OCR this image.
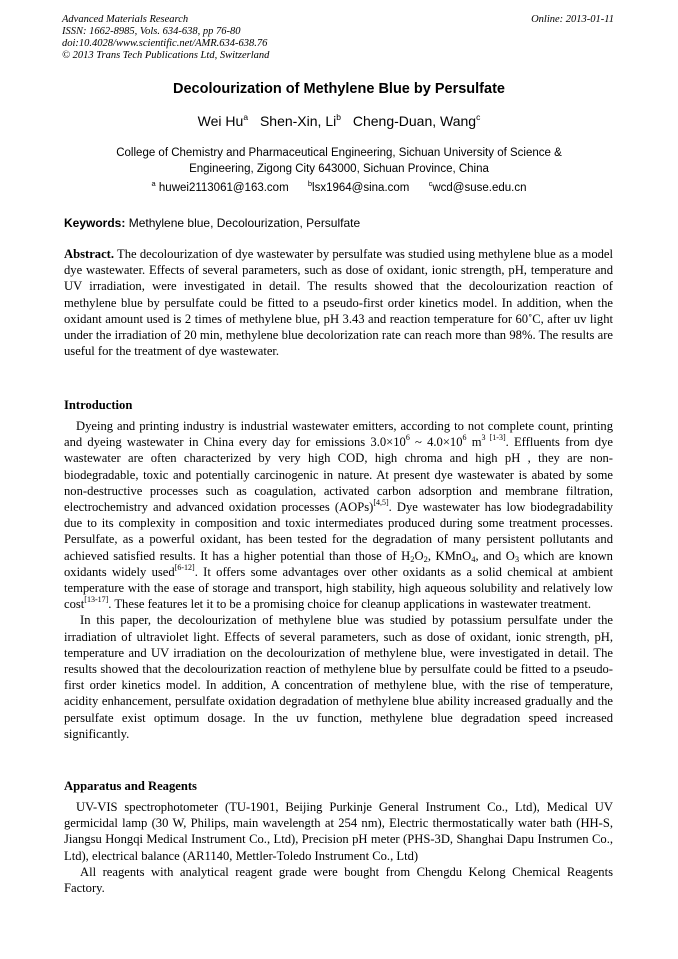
Advanced Materials Research
ISSN: 1662-8985, Vols. 634-638, pp 76-80
doi:10.4028/www.scientific.net/AMR.634-638.76
© 2013 Trans Tech Publications Ltd, Switzerland
Online: 2013-01-11
Decolourization of Methylene Blue by Persulfate
Wei Hu$^a$ Shen-Xin, Li$^b$ Cheng-Duan, Wang$^c$
College of Chemistry and Pharmaceutical Engineering, Sichuan University of Science &
Engineering, Zigong City 643000, Sichuan Province, China
$^a$ huwei2113061@163.com	$^b$lsx1964@sina.com	$^c$wcd@suse.edu.cn
Keywords: Methylene blue, Decolourization, Persulfate
Abstract. The decolourization of dye wastewater by persulfate was studied using methylene blue as a model dye wastewater. Effects of several parameters, such as dose of oxidant, ionic strength, pH, temperature and UV irradiation, were investigated in detail. The results showed that the decolourization reaction of methylene blue by persulfate could be fitted to a pseudo-first order kinetics model. In addition, when the oxidant amount used is 2 times of methylene blue, pH 3.43 and reaction temperature for 60˚C, after uv light under the irradiation of 20 min, methylene blue decolorization rate can reach more than 98%. The results are useful for the treatment of dye wastewater.
Introduction

Dyeing and printing industry is industrial wastewater emitters, according to not complete count, printing and dyeing wastewater in China every day for emissions $3.0\times 10^6$ ~ $4.0\times 10^6$ $m^{3 [1-3]}$. Effluents from dye wastewater are often characterized by very high COD, high chroma and high pH , they are non-biodegradable, toxic and potentially carcinogenic in nature. At present dye wastewater is abated by some non-destructive processes such as coagulation, activated carbon adsorption and membrane filtration, electrochemistry and advanced oxidation processes (AOPs)[4,5]. Dye wastewater has low biodegradability due to its complexity in composition and toxic intermediates produced during some treatment processes. Persulfate, as a powerful oxidant, has been tested for the degradation of many persistent pollutants and achieved satisfied results. It has a higher potential than those of $H_2O_2$, KMnO$_4$, and $O_3$ which are known oxidants widely used[6-12]. It offers some advantages over other oxidants as a solid chemical at ambient temperature with the ease of storage and transport, high stability, high aqueous solubility and relatively low cost[13-17]. These features let it to be a promising choice for cleanup applications in wastewater treatment.

In this paper, the decolourization of methylene blue was studied by potassium persulfate under the irradiation of ultraviolet light. Effects of several parameters, such as dose of oxidant, ionic strength, pH, temperature and UV irradiation on the decolourization of methylene blue, were investigated in detail. The results showed that the decolourization reaction of methylene blue by persulfate could be fitted to a pseudo-first order kinetics model. In addition, A concentration of methylene blue, with the rise of temperature, acidity enhancement, persulfate oxidation degradation of methylene blue ability increased gradually and the persulfate exist optimum dosage. In the uv function, methylene blue degradation speed increased significantly.

Apparatus and Reagents

UV-VIS spectrophotometer (TU-1901, Beijing Purkinje General Instrument Co., Ltd), Medical UV germicidal lamp (30 W, Philips, main wavelength at 254 nm), Electric thermostatically water bath (HH-S, Jiangsu Hongqi Medical Instrument Co., Ltd), Precision pH meter (PHS-3D, Shanghai Dapu Instrumen Co., Ltd), electrical balance (AR1140, Mettler-Toledo Instrument Co., Ltd)

All reagents with analytical reagent grade were bought from Chengdu Kelong Chemical Reagents Factory.
